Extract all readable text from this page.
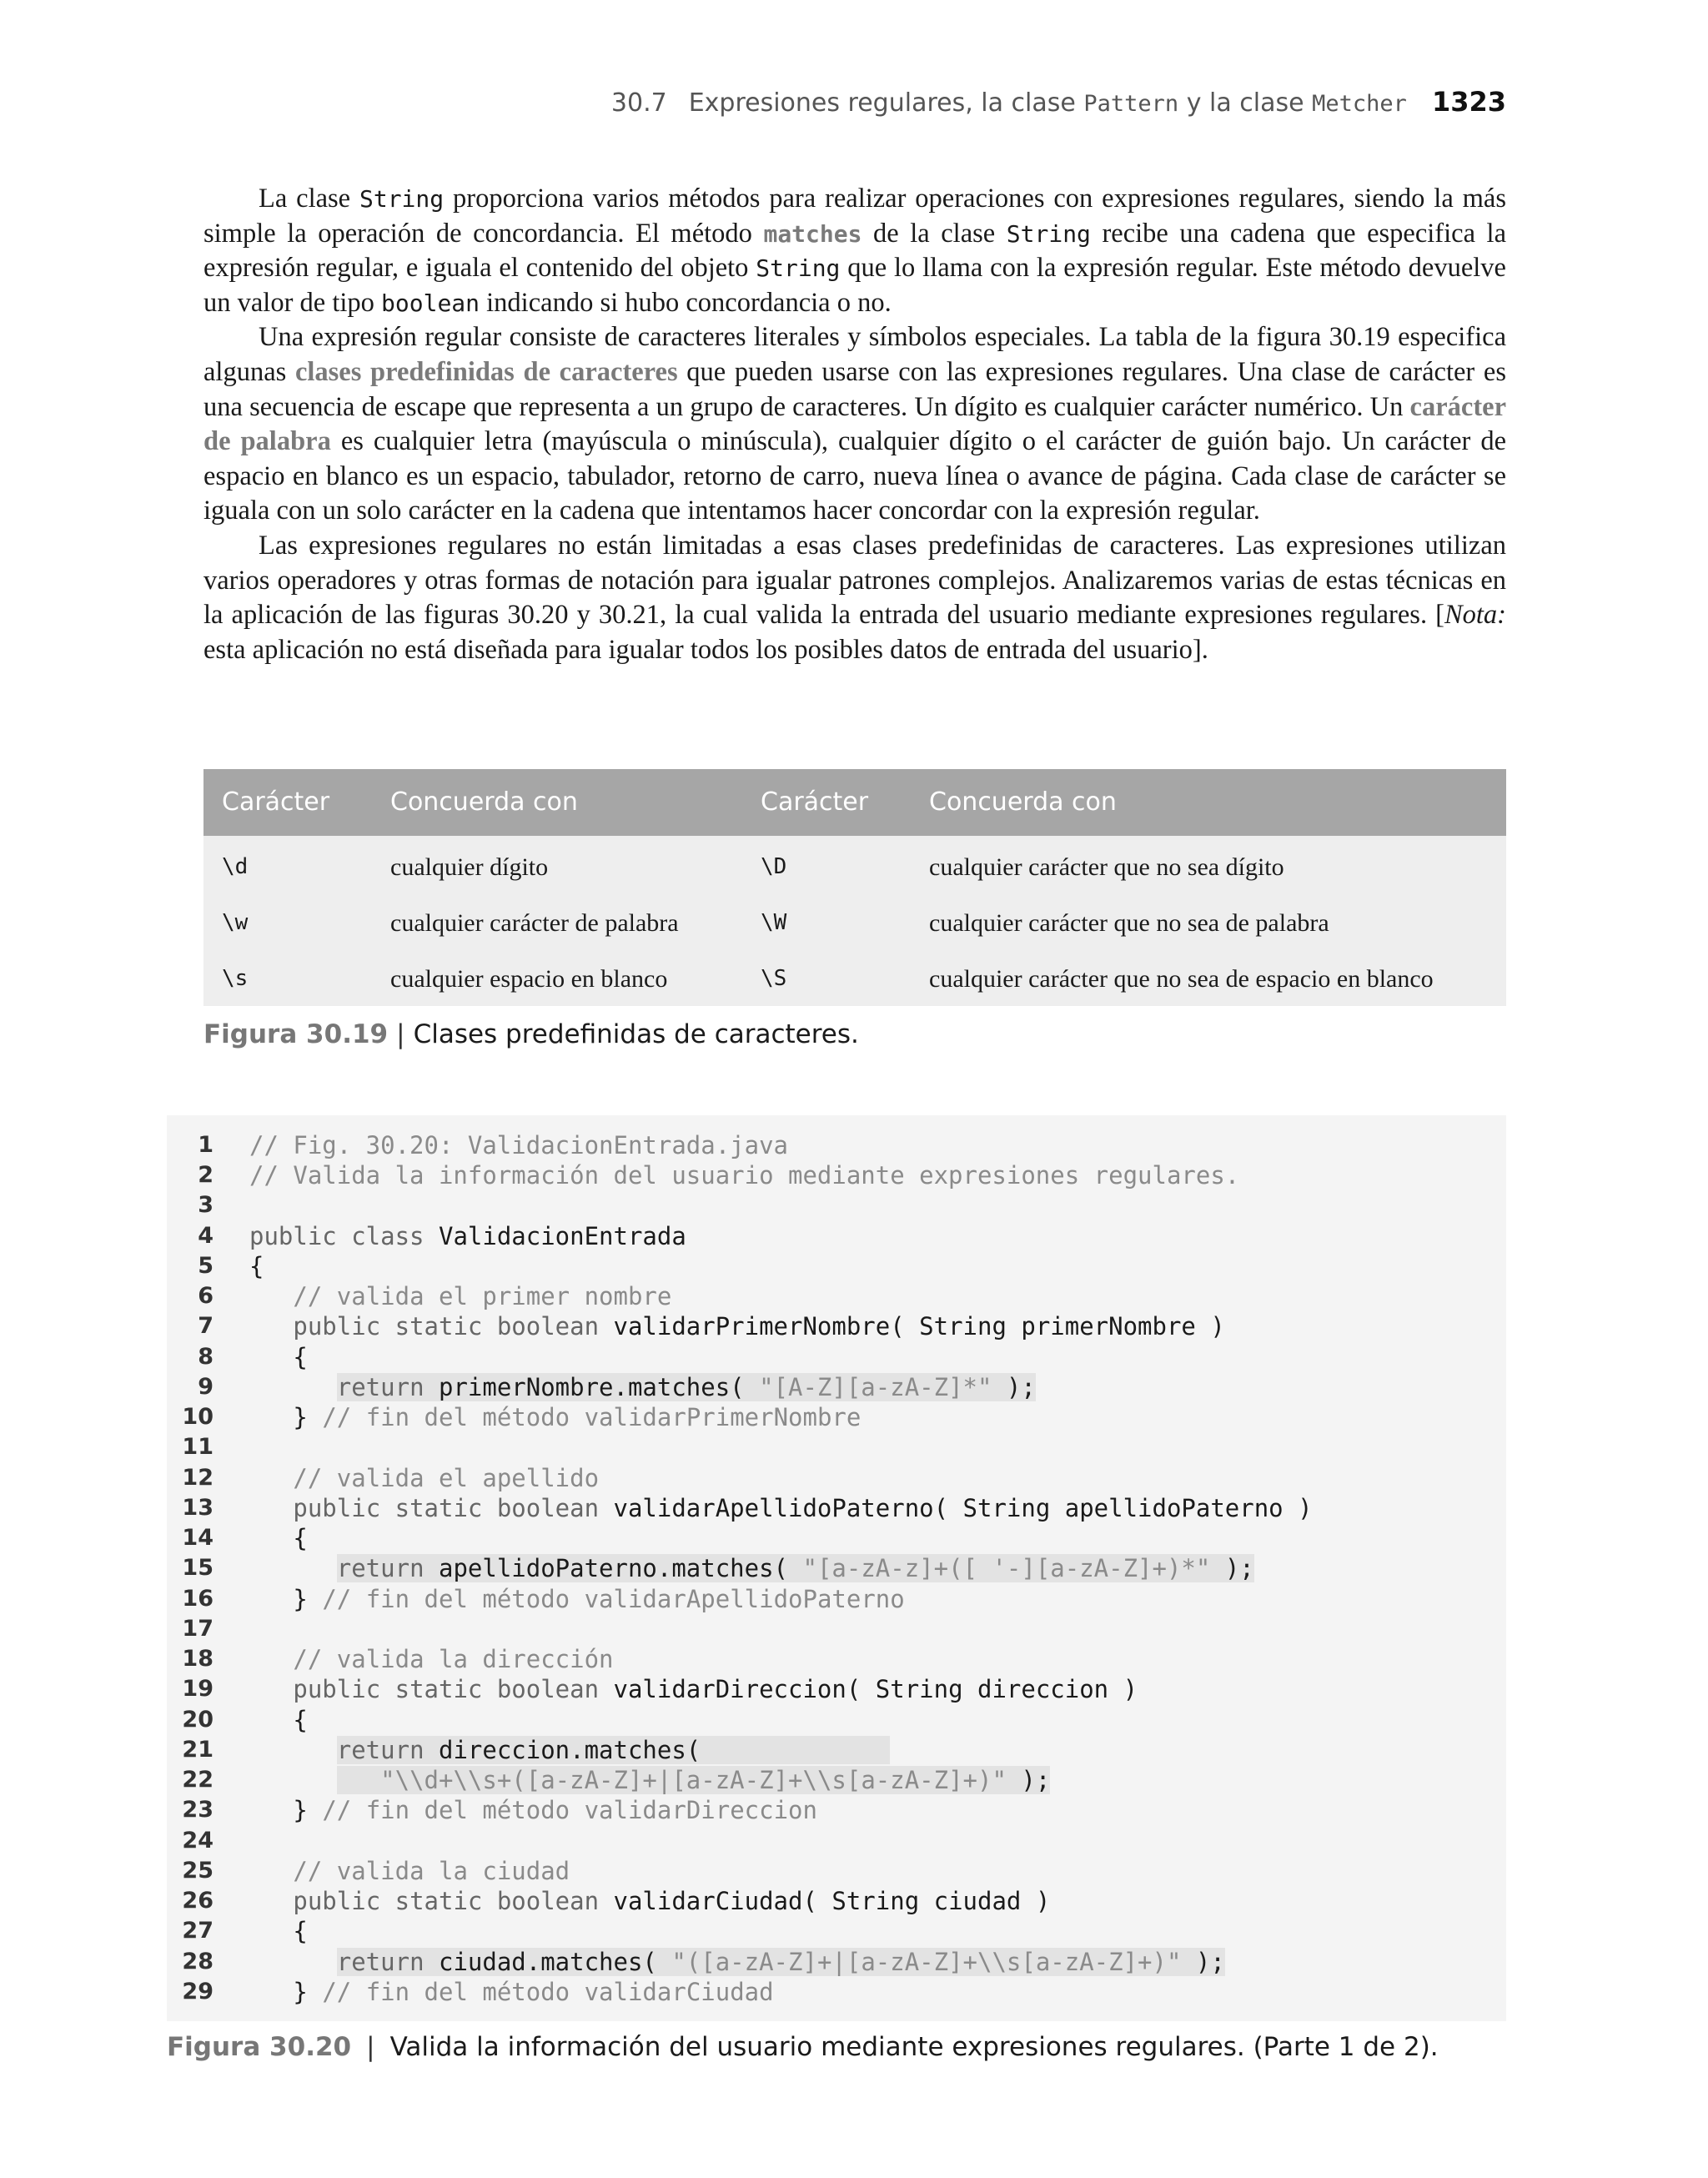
30.7 Expresiones regulares, la clase Pattern y la clase Metcher 1323

La clase String proporciona varios métodos para realizar operaciones con expresiones regulares, siendo la más simple la operación de concordancia. El método matches de la clase String recibe una cadena que especifica la expresión regular, e iguala el contenido del objeto String que lo llama con la expresión regular. Este método devuelve un valor de tipo boolean indicando si hubo concordancia o no.

Una expresión regular consiste de caracteres literales y símbolos especiales. La tabla de la figura 30.19 especifica algunas clases predefinidas de caracteres que pueden usarse con las expresiones regulares. Una clase de carácter es una secuencia de escape que representa a un grupo de caracteres. Un dígito es cualquier carácter numérico. Un carácter de palabra es cualquier letra (mayúscula o minúscula), cualquier dígito o el carácter de guión bajo. Un carácter de espacio en blanco es un espacio, tabulador, retorno de carro, nueva línea o avance de página. Cada clase de carácter se iguala con un solo carácter en la cadena que intentamos hacer concordar con la expresión regular.

Las expresiones regulares no están limitadas a esas clases predefinidas de caracteres. Las expresiones utilizan varios operadores y otras formas de notación para igualar patrones complejos. Analizaremos varias de estas técnicas en la aplicación de las figuras 30.20 y 30.21, la cual valida la entrada del usuario mediante expresiones regulares. [Nota: esta aplicación no está diseñada para igualar todos los posibles datos de entrada del usuario].

Carácter Concuerda con	Carácter Concuerda con
\d	cualquier dígito	\D	cualquier carácter que no sea dígito
\w	cualquier carácter de palabra	\W	cualquier carácter que no sea de palabra
\s	cualquier espacio en blanco	\S	cualquier carácter que no sea de espacio en blanco
Figura 30.19 | Clases predefinidas de caracteres.
1 // Fig. 30.20: ValidacionEntrada.java
2 // Valida la información del usuario mediante expresiones regulares.
3
4 public class ValidacionEntrada
5 {
6	// valida el primer nombre
7	public static boolean validarPrimerNombre( String primerNombre )
8	{
9	return primerNombre.matches( "[A-Z][a-zA-Z]*" );
10	} // fin del método validarPrimerNombre
11
12	// valida el apellido
13	public static boolean validarApellidoPaterno( String apellidoPaterno )
14	{
15	return apellidoPaterno.matches( "[a-zA-z]+([ '-][a-zA-Z]+)*" );
16	} // fin del método validarApellidoPaterno
17
18	// valida la dirección
19	public static boolean validarDireccion( String direccion )
20	{
21	return direccion.matches(
22	"\\d+\\s+([a-zA-Z]+|[a-zA-Z]+\\s[a-zA-Z]+)" );
23	} // fin del método validarDireccion
24
25	// valida la ciudad
26	public static boolean validarCiudad( String ciudad )
27	{
28	return ciudad.matches( "([a-zA-Z]+|[a-zA-Z]+\\s[a-zA-Z]+)" );
29	} // fin del método validarCiudad
Figura 30.20 | Valida la información del usuario mediante expresiones regulares. (Parte 1 de 2).
